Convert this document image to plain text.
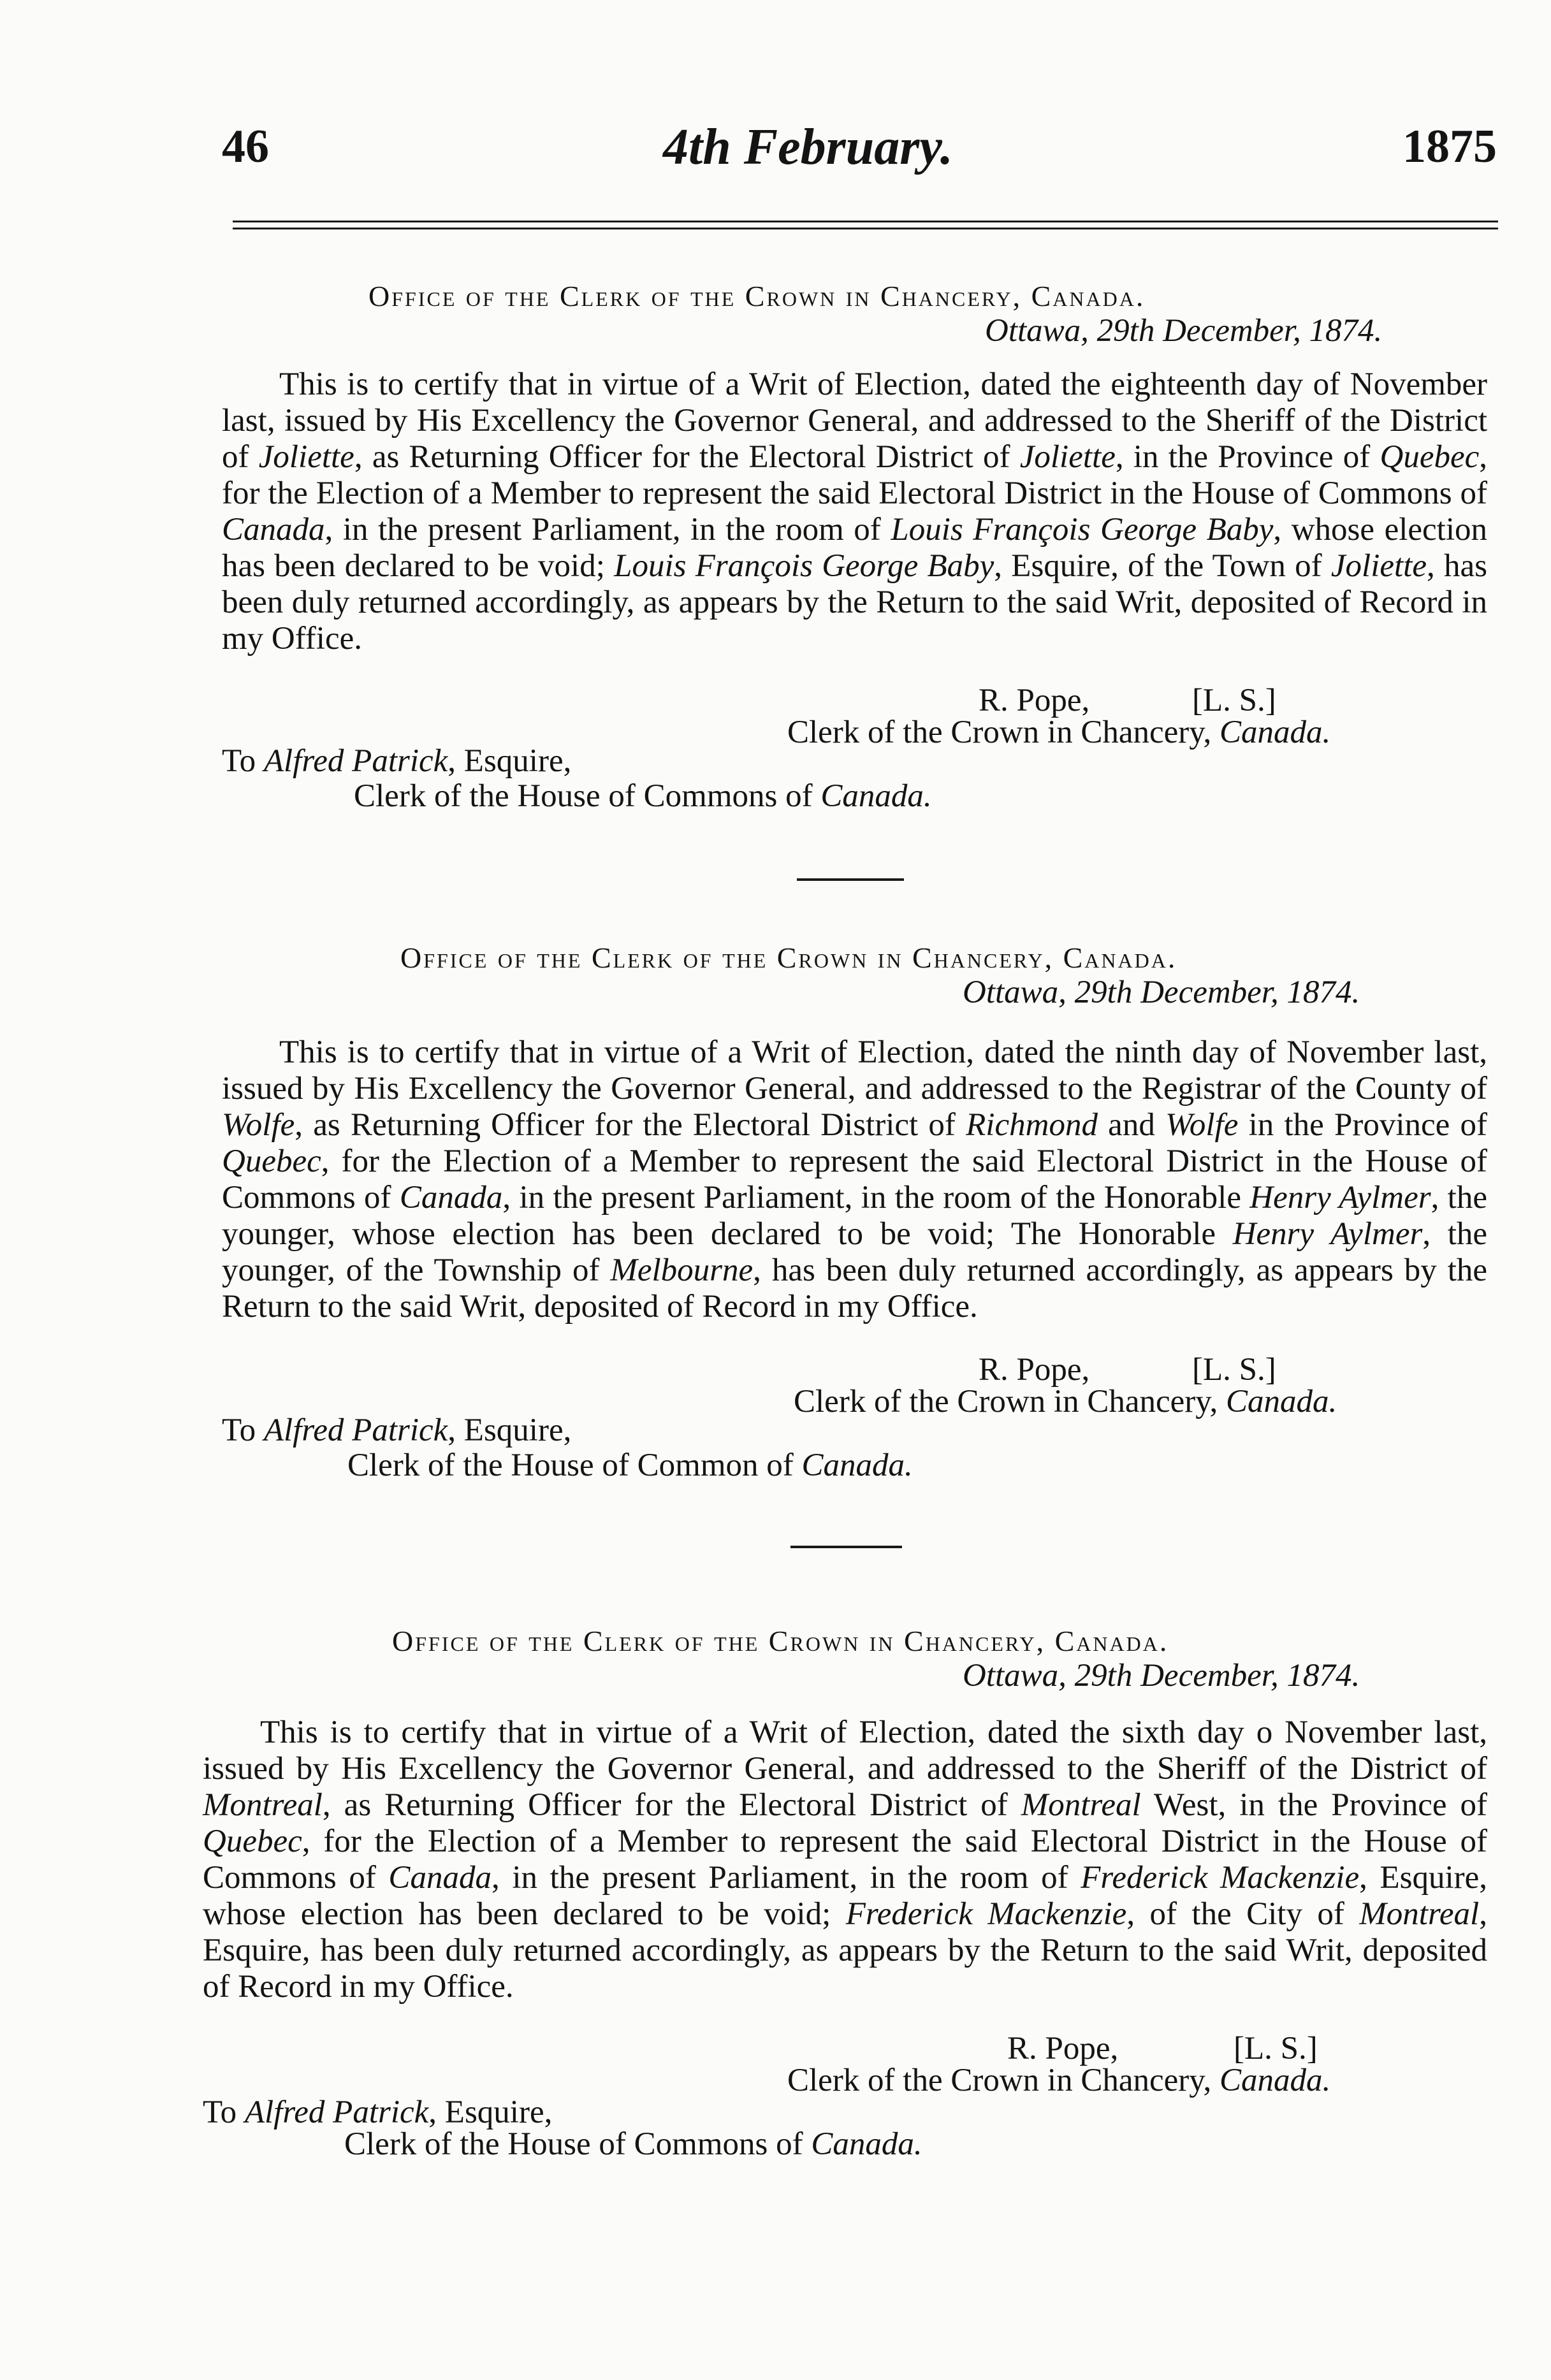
46	4th February.	1875
Office of the Clerk of the Crown in Chancery, Canada.
Ottawa, 29th December, 1874.
This is to certify that in virtue of a Writ of Election, dated the eighteenth day of November last, issued by His Excellency the Governor General, and addressed to the Sheriff of the District of Joliette, as Returning Officer for the Electoral District of Joliette, in the Province of Quebec, for the Election of a Member to represent the said Electoral District in the House of Commons of Canada, in the present Parliament, in the room of Louis François George Baby, whose election has been declared to be void; Louis François George Baby, Esquire, of the Town of Joliette, has been duly returned accordingly, as appears by the Return to the said Writ, deposited of Record in my Office.
R. Pope,	[L. S.]
Clerk of the Crown in Chancery, Canada.
To Alfred Patrick, Esquire,
Clerk of the House of Commons of Canada.
Office of the Clerk of the Crown in Chancery, Canada.
Ottawa, 29th December, 1874.
This is to certify that in virtue of a Writ of Election, dated the ninth day of November last, issued by His Excellency the Governor General, and addressed to the Registrar of the County of Wolfe, as Returning Officer for the Electoral District of Richmond and Wolfe in the Province of Quebec, for the Election of a Member to represent the said Electoral District in the House of Commons of Canada, in the present Parliament, in the room of the Honorable Henry Aylmer, the younger, whose election has been declared to be void; The Honorable Henry Aylmer, the younger, of the Township of Melbourne, has been duly returned accordingly, as appears by the Return to the said Writ, deposited of Record in my Office.
R. Pope,	[L. S.]
Clerk of the Crown in Chancery, Canada.
To Alfred Patrick, Esquire,
Clerk of the House of Common of Canada.
Office of the Clerk of the Crown in Chancery, Canada.
Ottawa, 29th December, 1874.
This is to certify that in virtue of a Writ of Election, dated the sixth day o November last, issued by His Excellency the Governor General, and addressed to the Sheriff of the District of Montreal, as Returning Officer for the Electoral District of Montreal West, in the Province of Quebec, for the Election of a Member to represent the said Electoral District in the House of Commons of Canada, in the present Parliament, in the room of Frederick Mackenzie, Esquire, whose election has been declared to be void; Frederick Mackenzie, of the City of Montreal, Esquire, has been duly returned accordingly, as appears by the Return to the said Writ, deposited of Record in my Office.
R. Pope,	[L. S.]
Clerk of the Crown in Chancery, Canada.
To Alfred Patrick, Esquire,
Clerk of the House of Commons of Canada.
